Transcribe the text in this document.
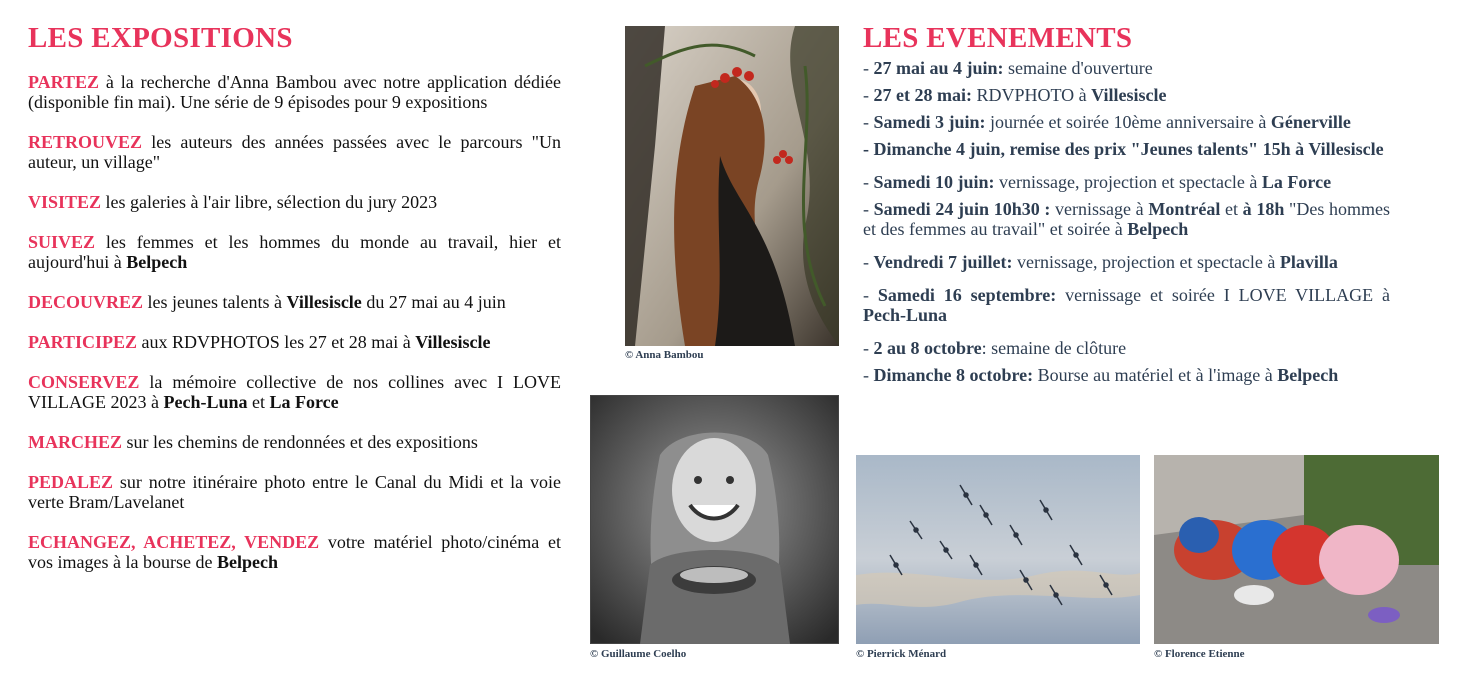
LES EXPOSITIONS

PARTEZ à la recherche d'Anna Bambou avec notre application dédiée (disponible fin mai). Une série de 9 épisodes pour 9 expositions

RETROUVEZ les auteurs des années passées avec le parcours "Un auteur, un village"

VISITEZ les galeries à l'air libre, sélection du jury 2023

SUIVEZ les femmes et les hommes du monde au travail, hier et aujourd'hui à Belpech

DECOUVREZ les jeunes talents à Villesiscle du 27 mai au 4 juin

PARTICIPEZ aux RDVPHOTOS les 27 et 28 mai à Villesiscle

CONSERVEZ la mémoire collective de nos collines avec I LOVE VILLAGE 2023 à Pech-Luna et La Force

MARCHEZ sur les chemins de rendonnées et des expositions

PEDALEZ sur notre itinéraire photo entre le Canal du Midi et la voie verte Bram/Lavelanet

ECHANGEZ, ACHETEZ, VENDEZ votre matériel photo/cinéma et vos images à la bourse de Belpech

© Anna Bambou
© Guillaume Coelho
LES EVENEMENTS

- 27 mai au 4 juin: semaine d'ouverture

- 27 et 28 mai: RDVPHOTO à Villesiscle

- Samedi 3 juin: journée et soirée 10ème anniversaire à Génerville

- Dimanche 4 juin, remise des prix "Jeunes talents" 15h à Villesiscle

- Samedi 10 juin: vernissage, projection et spectacle à La Force

- Samedi 24 juin 10h30 : vernissage à Montréal et à 18h "Des hommes et des femmes au travail" et soirée à Belpech

- Vendredi 7 juillet: vernissage, projection et spectacle à Plavilla

- Samedi 16 septembre: vernissage et soirée I LOVE VILLAGE à Pech-Luna

- 2 au 8 octobre: semaine de clôture

- Dimanche 8 octobre: Bourse au matériel et à l'image à Belpech

© Pierrick Ménard	© Florence Etienne
